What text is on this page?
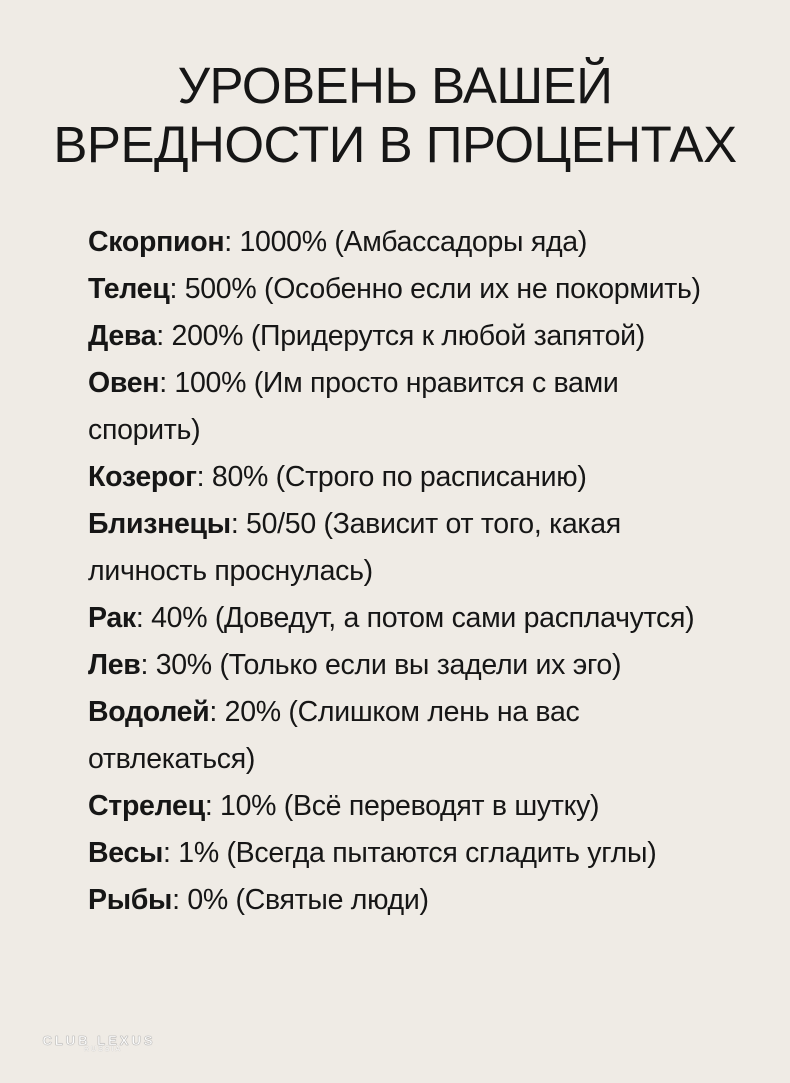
УРОВЕНЬ ВАШЕЙ
ВРЕДНОСТИ В ПРОЦЕНТАХ

Скорпион: 1000% (Амбассадоры яда)

Телец: 500% (Особенно если их не покормить)

Дева: 200% (Придерутся к любой запятой)

Овен: 100% (Им просто нравится с вами спорить)

Козерог: 80% (Строго по расписанию)

Близнецы: 50/50 (Зависит от того, какая личность проснулась)

Рак: 40% (Доведут, а потом сами расплачутся)

Лев: 30% (Только если вы задели их эго)

Водолей: 20% (Слишком лень на вас отвлекаться)

Стрелец: 10% (Всё переводят в шутку)

Весы: 1% (Всегда пытаются сгладить углы)

Рыбы: 0% (Святые люди)

CLUB LEXUS
RUSSIA
